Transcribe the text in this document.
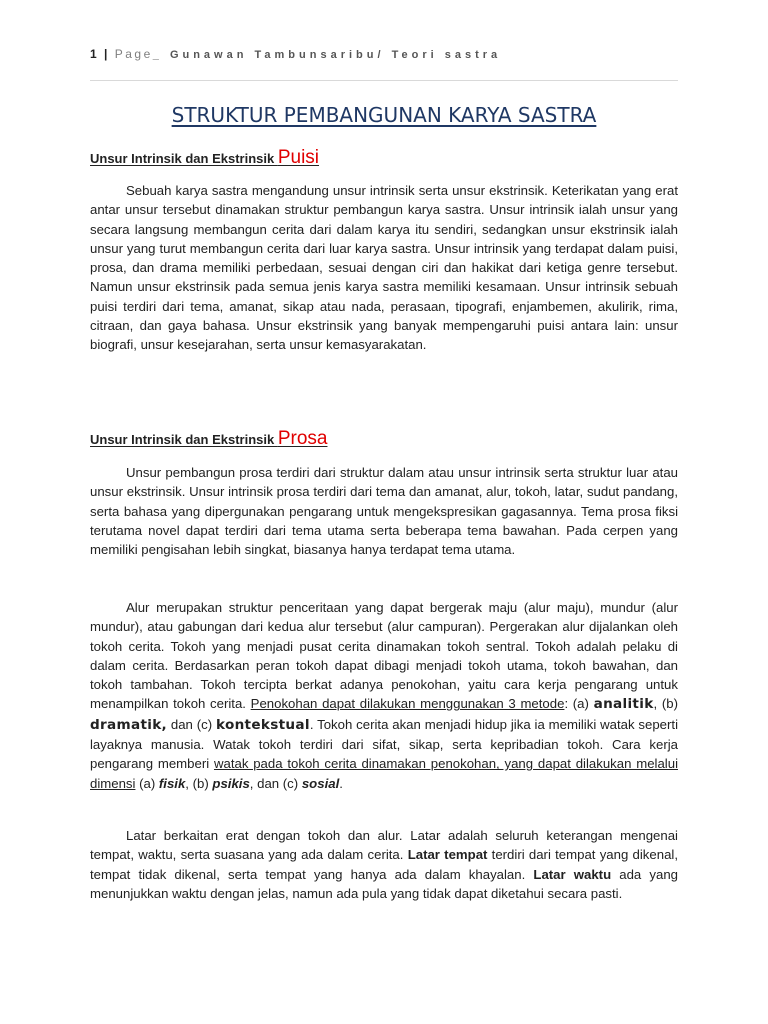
1 | Page_ Gunawan Tambunsaribu/ Teori sastra
STRUKTUR PEMBANGUNAN KARYA SASTRA
Unsur Intrinsik dan Ekstrinsik Puisi

Sebuah karya sastra mengandung unsur intrinsik serta unsur ekstrinsik. Keterikatan yang erat antar unsur tersebut dinamakan struktur pembangun karya sastra. Unsur intrinsik ialah unsur yang secara langsung membangun cerita dari dalam karya itu sendiri, sedangkan unsur ekstrinsik ialah unsur yang turut membangun cerita dari luar karya sastra. Unsur intrinsik yang terdapat dalam puisi, prosa, dan drama memiliki perbedaan, sesuai dengan ciri dan hakikat dari ketiga genre tersebut. Namun unsur ekstrinsik pada semua jenis karya sastra memiliki kesamaan. Unsur intrinsik sebuah puisi terdiri dari tema, amanat, sikap atau nada, perasaan, tipografi, enjambemen, akulirik, rima, citraan, dan gaya bahasa. Unsur ekstrinsik yang banyak mempengaruhi puisi antara lain: unsur biografi, unsur kesejarahan, serta unsur kemasyarakatan.

Unsur Intrinsik dan Ekstrinsik Prosa

Unsur pembangun prosa terdiri dari struktur dalam atau unsur intrinsik serta struktur luar atau unsur ekstrinsik. Unsur intrinsik prosa terdiri dari tema dan amanat, alur, tokoh, latar, sudut pandang, serta bahasa yang dipergunakan pengarang untuk mengekspresikan gagasannya. Tema prosa fiksi terutama novel dapat terdiri dari tema utama serta beberapa tema bawahan. Pada cerpen yang memiliki pengisahan lebih singkat, biasanya hanya terdapat tema utama.

Alur merupakan struktur penceritaan yang dapat bergerak maju (alur maju), mundur (alur mundur), atau gabungan dari kedua alur tersebut (alur campuran). Pergerakan alur dijalankan oleh tokoh cerita. Tokoh yang menjadi pusat cerita dinamakan tokoh sentral. Tokoh adalah pelaku di dalam cerita. Berdasarkan peran tokoh dapat dibagi menjadi tokoh utama, tokoh bawahan, dan tokoh tambahan. Tokoh tercipta berkat adanya penokohan, yaitu cara kerja pengarang untuk menampilkan tokoh cerita. Penokohan dapat dilakukan menggunakan 3 metode: (a) analitik, (b) dramatik, dan (c) kontekstual. Tokoh cerita akan menjadi hidup jika ia memiliki watak seperti layaknya manusia. Watak tokoh terdiri dari sifat, sikap, serta kepribadian tokoh. Cara kerja pengarang memberi watak pada tokoh cerita dinamakan penokohan, yang dapat dilakukan melalui dimensi (a) fisik, (b) psikis, dan (c) sosial.

Latar berkaitan erat dengan tokoh dan alur. Latar adalah seluruh keterangan mengenai tempat, waktu, serta suasana yang ada dalam cerita. Latar tempat terdiri dari tempat yang dikenal, tempat tidak dikenal, serta tempat yang hanya ada dalam khayalan. Latar waktu ada yang menunjukkan waktu dengan jelas, namun ada pula yang tidak dapat diketahui secara pasti.
